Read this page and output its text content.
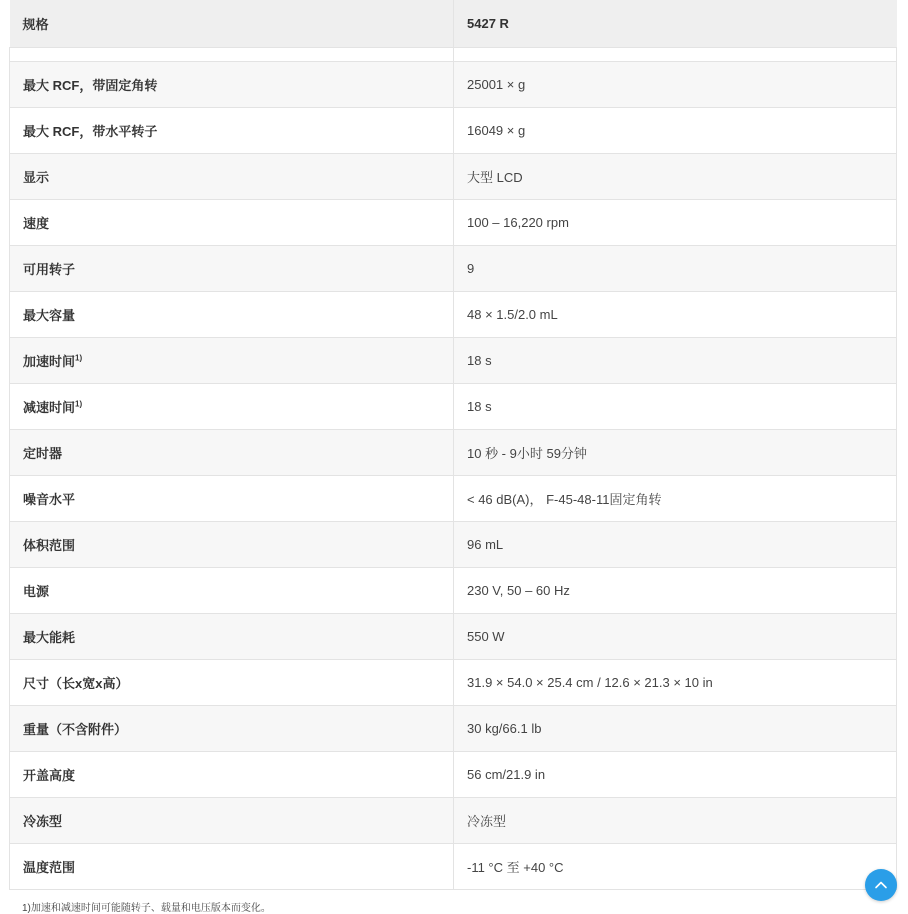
规格	5427 R

最大 RCF，带固定角转	25001 × g
最大 RCF，带水平转子	16049 × g
显示	大型 LCD
速度	100 – 16,220 rpm
可用转子	9
最大容量	48 × 1.5/2.0 mL
加速时间$^{1)}$	18 s
减速时间$^{1)}$	18 s
定时器	10 秒 - 9小时 59分钟
噪音水平	< 46 dB(A)， F-45-48-11固定角转
体积范围	96 mL
电源	230 V, 50 – 60 Hz
最大能耗	550 W
尺寸（长x宽x高）	31.9 × 54.0 × 25.4 cm / 12.6 × 21.3 × 10 in
重量（不含附件）	30 kg/66.1 lb
开盖高度	56 cm/21.9 in
冷冻型	冷冻型
温度范围	-11 °C 至 +40 °C
1)加速和减速时间可能随转子、载量和电压版本而变化。
